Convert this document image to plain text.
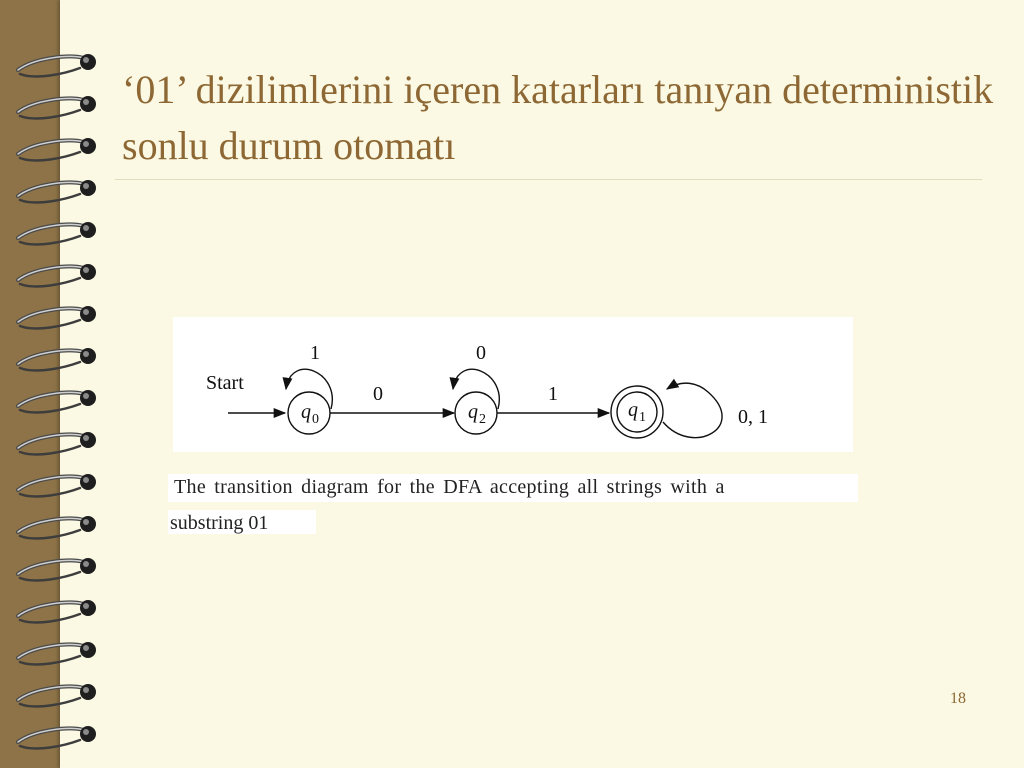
‘01’ dizilimlerini içeren katarları tanıyan deterministik sonlu durum otomatı
Start
q 0
1
0
q 2
0
1
q 1	0, 1
The transition diagram for the DFA accepting all strings with a
substring 01
18
